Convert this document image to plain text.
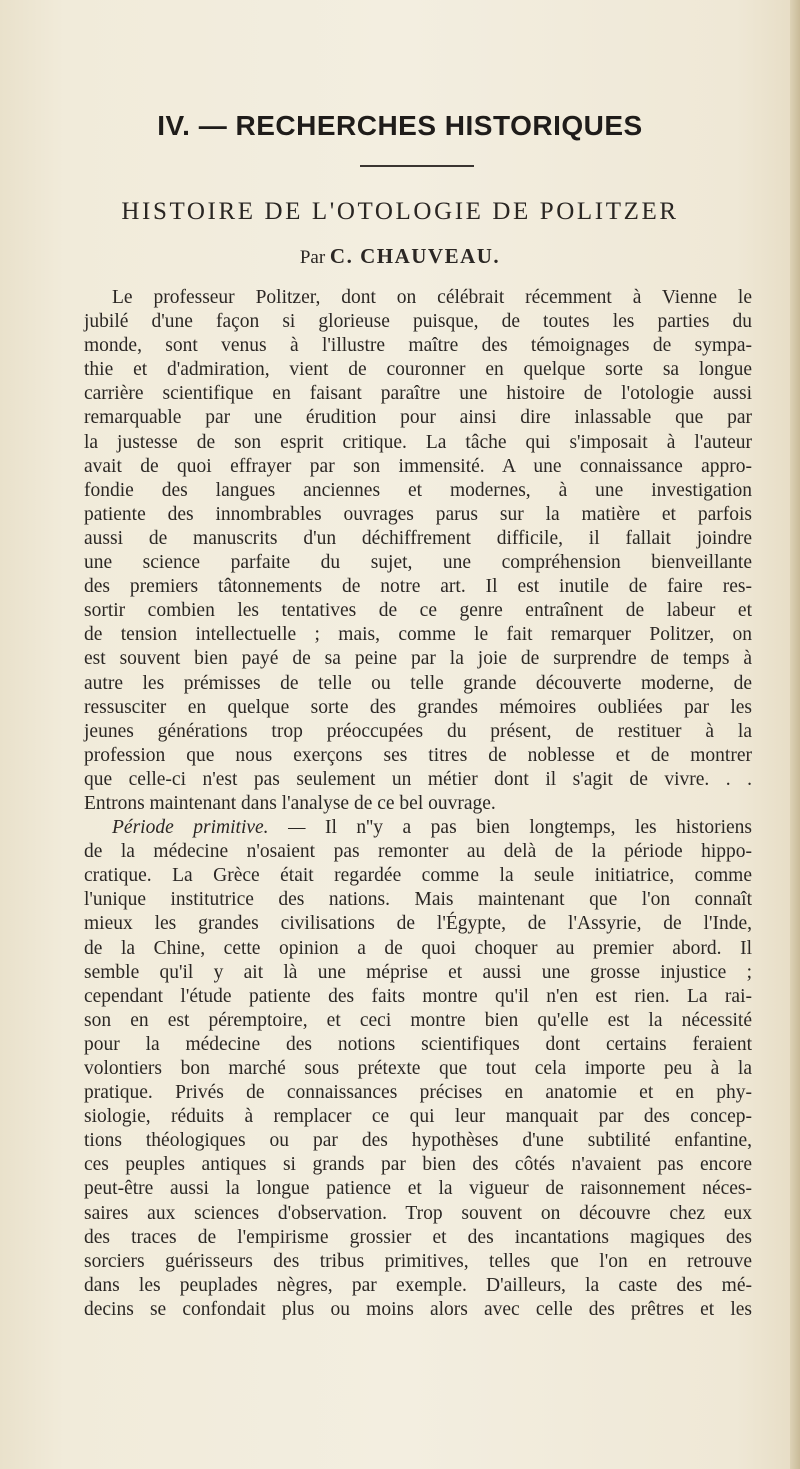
IV. — RECHERCHES HISTORIQUES
HISTOIRE DE L'OTOLOGIE DE POLITZER
Par C. CHAUVEAU.
Le professeur Politzer, dont on célébrait récemment à Vienne le
jubilé d'une façon si glorieuse puisque, de toutes les parties du
monde, sont venus à l'illustre maître des témoignages de sympa-
thie et d'admiration, vient de couronner en quelque sorte sa longue
carrière scientifique en faisant paraître une histoire de l'otologie aussi
remarquable par une érudition pour ainsi dire inlassable que par
la justesse de son esprit critique. La tâche qui s'imposait à l'auteur
avait de quoi effrayer par son immensité. A une connaissance appro-
fondie des langues anciennes et modernes, à une investigation
patiente des innombrables ouvrages parus sur la matière et parfois
aussi de manuscrits d'un déchiffrement difficile, il fallait joindre
une science parfaite du sujet, une compréhension bienveillante
des premiers tâtonnements de notre art. Il est inutile de faire res-
sortir combien les tentatives de ce genre entraînent de labeur et
de tension intellectuelle ; mais, comme le fait remarquer Politzer, on
est souvent bien payé de sa peine par la joie de surprendre de temps à
autre les prémisses de telle ou telle grande découverte moderne, de
ressusciter en quelque sorte des grandes mémoires oubliées par les
jeunes générations trop préoccupées du présent, de restituer à la
profession que nous exerçons ses titres de noblesse et de montrer
que celle-ci n'est pas seulement un métier dont il s'agit de vivre. . .
Entrons maintenant dans l'analyse de ce bel ouvrage.
Période primitive. — Il n''y a pas bien longtemps, les historiens
de la médecine n'osaient pas remonter au delà de la période hippo-
cratique. La Grèce était regardée comme la seule initiatrice, comme
l'unique institutrice des nations. Mais maintenant que l'on connaît
mieux les grandes civilisations de l'Égypte, de l'Assyrie, de l'Inde,
de la Chine, cette opinion a de quoi choquer au premier abord. Il
semble qu'il y ait là une méprise et aussi une grosse injustice ;
cependant l'étude patiente des faits montre qu'il n'en est rien. La rai-
son en est péremptoire, et ceci montre bien qu'elle est la nécessité
pour la médecine des notions scientifiques dont certains feraient
volontiers bon marché sous prétexte que tout cela importe peu à la
pratique. Privés de connaissances précises en anatomie et en phy-
siologie, réduits à remplacer ce qui leur manquait par des concep-
tions théologiques ou par des hypothèses d'une subtilité enfantine,
ces peuples antiques si grands par bien des côtés n'avaient pas encore
peut-être aussi la longue patience et la vigueur de raisonnement néces-
saires aux sciences d'observation. Trop souvent on découvre chez eux
des traces de l'empirisme grossier et des incantations magiques des
sorciers guérisseurs des tribus primitives, telles que l'on en retrouve
dans les peuplades nègres, par exemple. D'ailleurs, la caste des mé-
decins se confondait plus ou moins alors avec celle des prêtres et les
